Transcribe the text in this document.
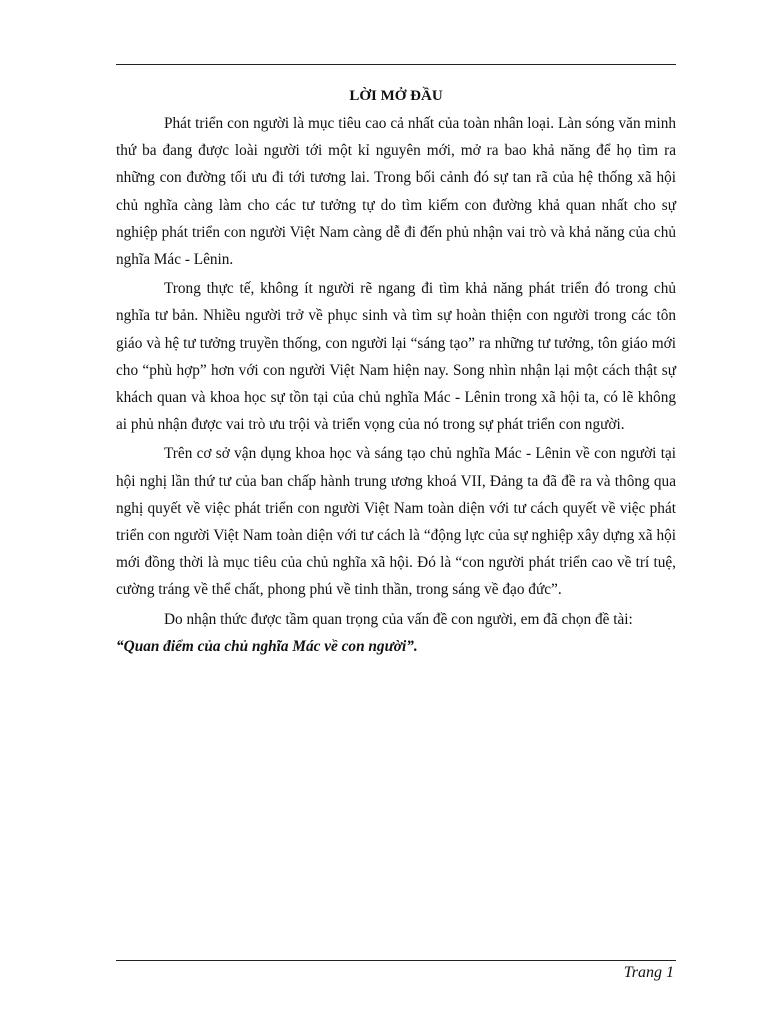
LỜI MỞ ĐẦU

Phát triển con người là mục tiêu cao cả nhất của toàn nhân loại. Làn sóng văn minh thứ ba đang được loài người tới một kỉ nguyên mới, mở ra bao khả năng để họ tìm ra những con đường tối ưu đi tới tương lai. Trong bối cảnh đó sự tan rã của hệ thống xã hội chủ nghĩa càng làm cho các tư tưởng tự do tìm kiếm con đường khả quan nhất cho sự nghiệp phát triển con người Việt Nam càng dễ đi đến phủ nhận vai trò và khả năng của chủ nghĩa Mác - Lênin.

Trong thực tế, không ít người rẽ ngang đi tìm khả năng phát triển đó trong chủ nghĩa tư bản. Nhiều người trở về phục sinh và tìm sự hoàn thiện con người trong các tôn giáo và hệ tư tưởng truyền thống, con người lại “sáng tạo” ra những tư tưởng, tôn giáo mới cho “phù hợp” hơn với con người Việt Nam hiện nay. Song nhìn nhận lại một cách thật sự khách quan và khoa học sự tồn tại của chủ nghĩa Mác - Lênin trong xã hội ta, có lẽ không ai phủ nhận được vai trò ưu trội và triển vọng của nó trong sự phát triển con người.

Trên cơ sở vận dụng khoa học và sáng tạo chủ nghĩa Mác - Lênin về con người tại hội nghị lần thứ tư của ban chấp hành trung ương khoá VII, Đảng ta đã đề ra và thông qua nghị quyết về việc phát triển con người Việt Nam toàn diện với tư cách quyết về việc phát triển con người Việt Nam toàn diện với tư cách là “động lực của sự nghiệp xây dựng xã hội mới đồng thời là mục tiêu của chủ nghĩa xã hội. Đó là “con người phát triển cao về trí tuệ, cường tráng về thể chất, phong phú về tinh thần, trong sáng về đạo đức”.

Do nhận thức được tầm quan trọng của vấn đề con người, em đã chọn đề tài:

“Quan điểm của chủ nghĩa Mác về con người”.

Trang 1
